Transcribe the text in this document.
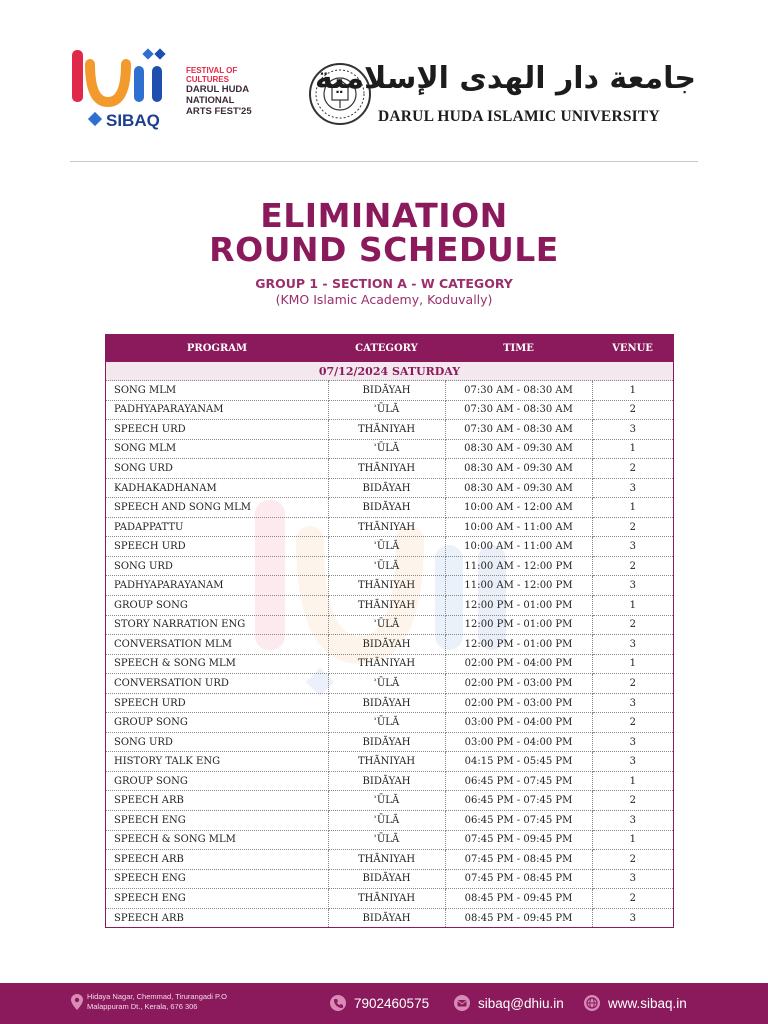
SIBAQ
FESTIVAL OF
CULTURES
DARUL HUDA
NATIONAL
ARTS FEST'25
جامعة دار الهدى الإسلامية
DARUL HUDA ISLAMIC UNIVERSITY
ELIMINATION
ROUND SCHEDULE
GROUP 1 - SECTION A - W CATEGORY
(KMO Islamic Academy, Koduvally)
PROGRAM	CATEGORY	TIME	VENUE
07/12/2024 SATURDAY			
SONG MLM	BIDĀYAH	07:30 AM - 08:30 AM	1
PADHYAPARAYANAM	ʾŪLĀ	07:30 AM - 08:30 AM	2
SPEECH URD	THĀNIYAH	07:30 AM - 08:30 AM	3
SONG MLM	ʾŪLĀ	08:30 AM - 09:30 AM	1
SONG URD	THĀNIYAH	08:30 AM - 09:30 AM	2
KADHAKADHANAM	BIDĀYAH	08:30 AM - 09:30 AM	3
SPEECH AND SONG MLM	BIDĀYAH	10:00 AM - 12:00 AM	1
PADAPPATTU	THĀNIYAH	10:00 AM - 11:00 AM	2
SPEECH URD	ʾŪLĀ	10:00 AM - 11:00 AM	3
SONG URD	ʾŪLĀ	11:00 AM - 12:00 PM	2
PADHYAPARAYANAM	THĀNIYAH	11:00 AM - 12:00 PM	3
GROUP SONG	THĀNIYAH	12:00 PM - 01:00 PM	1
STORY NARRATION ENG	ʾŪLĀ	12:00 PM - 01:00 PM	2
CONVERSATION MLM	BIDĀYAH	12:00 PM - 01:00 PM	3
SPEECH & SONG MLM	THĀNIYAH	02:00 PM - 04:00 PM	1
CONVERSATION URD	ʾŪLĀ	02:00 PM - 03:00 PM	2
SPEECH URD	BIDĀYAH	02:00 PM - 03:00 PM	3
GROUP SONG	ʾŪLĀ	03:00 PM - 04:00 PM	2
SONG URD	BIDĀYAH	03:00 PM - 04:00 PM	3
HISTORY TALK ENG	THĀNIYAH	04:15 PM - 05:45 PM	3
GROUP SONG	BIDĀYAH	06:45 PM - 07:45 PM	1
SPEECH ARB	ʾŪLĀ	06:45 PM - 07:45 PM	2
SPEECH ENG	ʾŪLĀ	06:45 PM - 07:45 PM	3
SPEECH & SONG MLM	ʾŪLĀ	07:45 PM - 09:45 PM	1
SPEECH ARB	THĀNIYAH	07:45 PM - 08:45 PM	2
SPEECH ENG	BIDĀYAH	07:45 PM - 08:45 PM	3
SPEECH ENG	THĀNIYAH	08:45 PM - 09:45 PM	2
SPEECH ARB	BIDĀYAH	08:45 PM - 09:45 PM	3
Hidaya Nagar, Chemmad, Tirurangadi P.O
Malappuram Dt., Kerala, 676 306	7902460575	sibaq@dhiu.in	www.sibaq.in
